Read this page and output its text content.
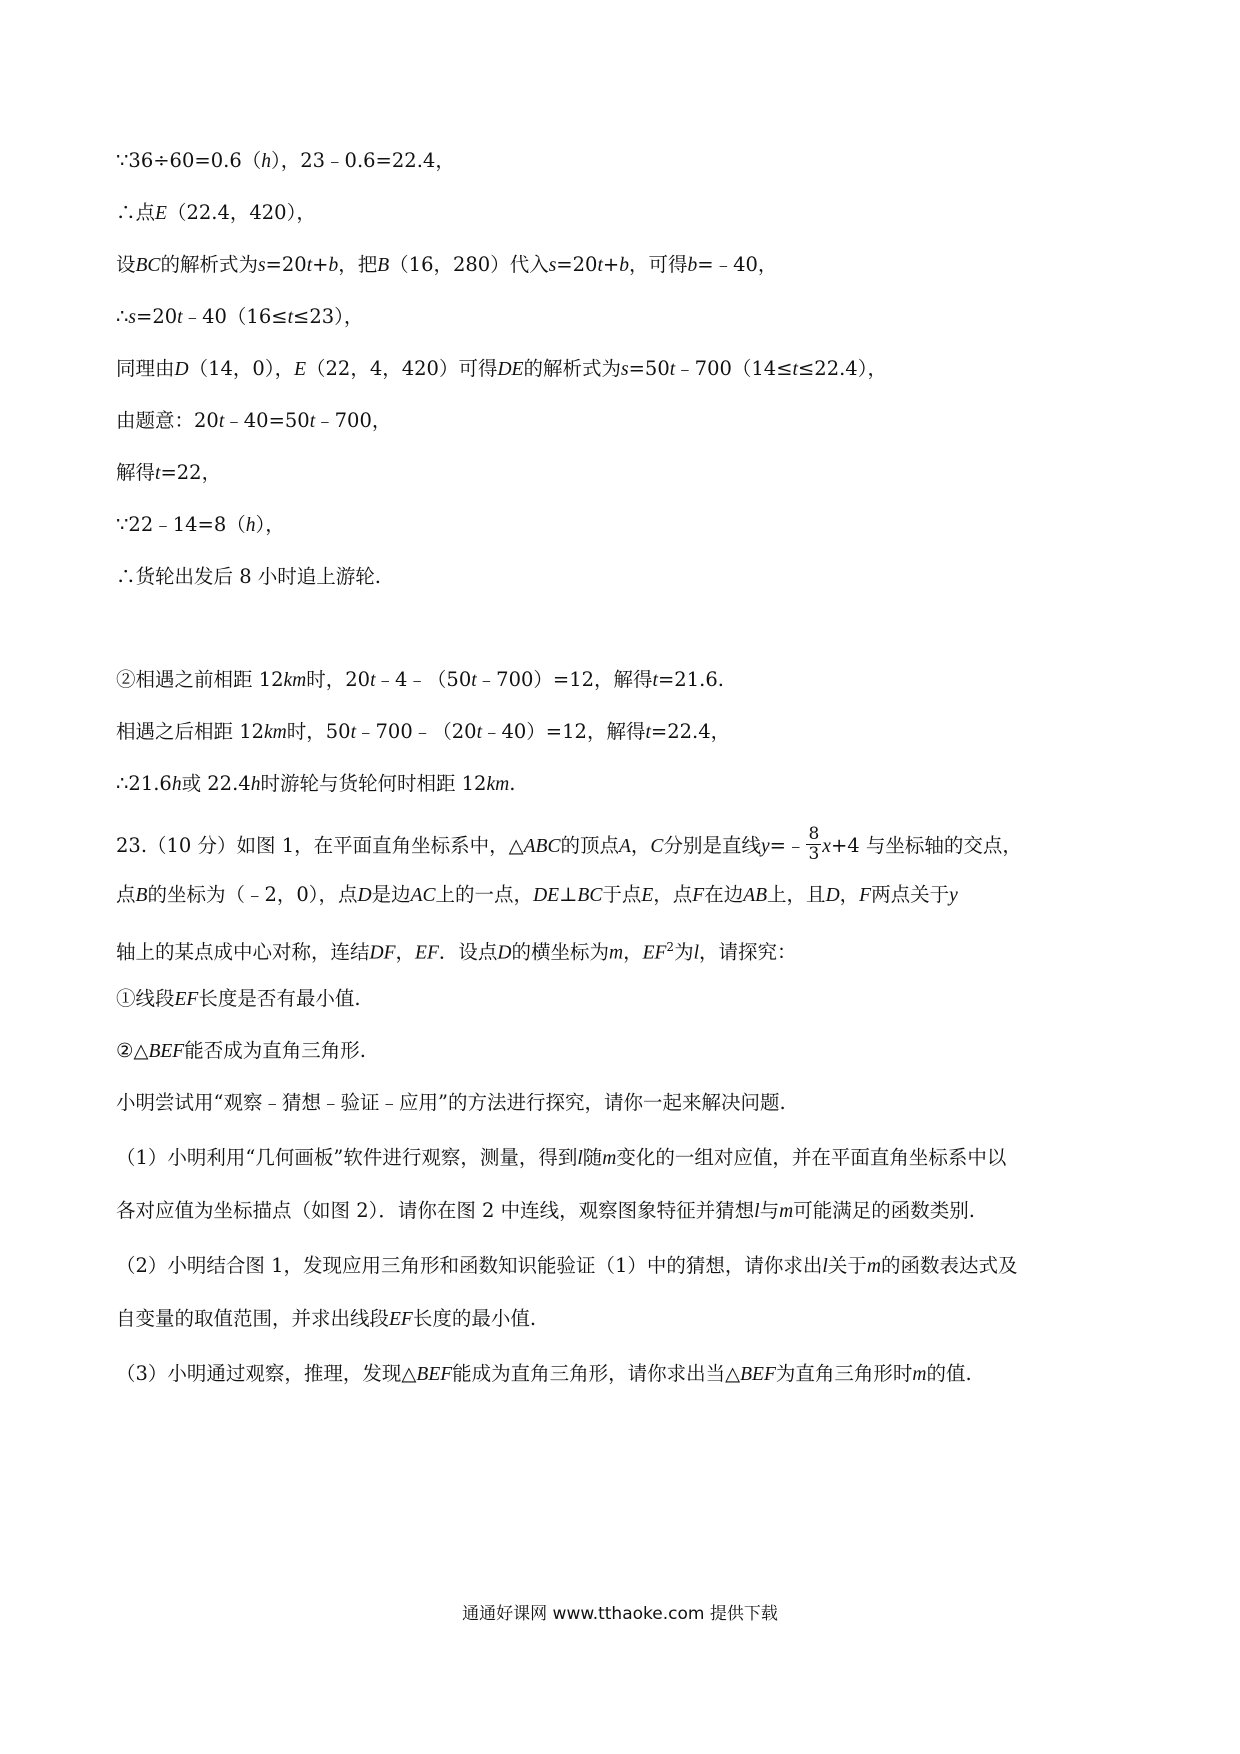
∵36÷60=0.6（h），23﹣0.6=22.4，
∴点E（22.4，420），
设BC的解析式为s=20t+b，把B（16，280）代入s=20t+b，可得b=﹣40，
∴s=20t﹣40（16≤t≤23），
同理由D（14，0），E（22，4，420）可得DE的解析式为s=50t﹣700（14≤t≤22.4），
由题意：20t﹣40=50t﹣700，
解得t=22，
∵22﹣14=8（h），
∴货轮出发后 8 小时追上游轮.
②相遇之前相距 12km时，20t﹣4﹣（50t﹣700）=12，解得t=21.6.
相遇之后相距 12km时，50t﹣700﹣（20t﹣40）=12，解得t=22.4，
∴21.6h或 22.4h时游轮与货轮何时相距 12km.
23.（10 分）如图 1，在平面直角坐标系中，△ABC的顶点A，C分别是直线y=﹣ $\frac{8}{3} x+4$ 与坐标轴的交点，
点B的坐标为（﹣2，0），点D是边AC上的一点，DE⊥BC于点E，点F在边AB上，且D，F两点关于y
轴上的某点成中心对称，连结DF，EF．设点D的横坐标为m，$EF^2$为l，请探究：
①线段EF长度是否有最小值.
②△BEF能否成为直角三角形.
小明尝试用“观察﹣猜想﹣验证﹣应用”的方法进行探究，请你一起来解决问题.
（1）小明利用“几何画板”软件进行观察，测量，得到l随m变化的一组对应值，并在平面直角坐标系中以
各对应值为坐标描点（如图 2）．请你在图 2 中连线，观察图象特征并猜想l与m可能满足的函数类别.
（2）小明结合图 1，发现应用三角形和函数知识能验证（1）中的猜想，请你求出l关于m的函数表达式及
自变量的取值范围，并求出线段EF长度的最小值.
（3）小明通过观察，推理，发现△BEF能成为直角三角形，请你求出当△BEF为直角三角形时m的值.
通通好课网 www.tthaoke.com 提供下载
